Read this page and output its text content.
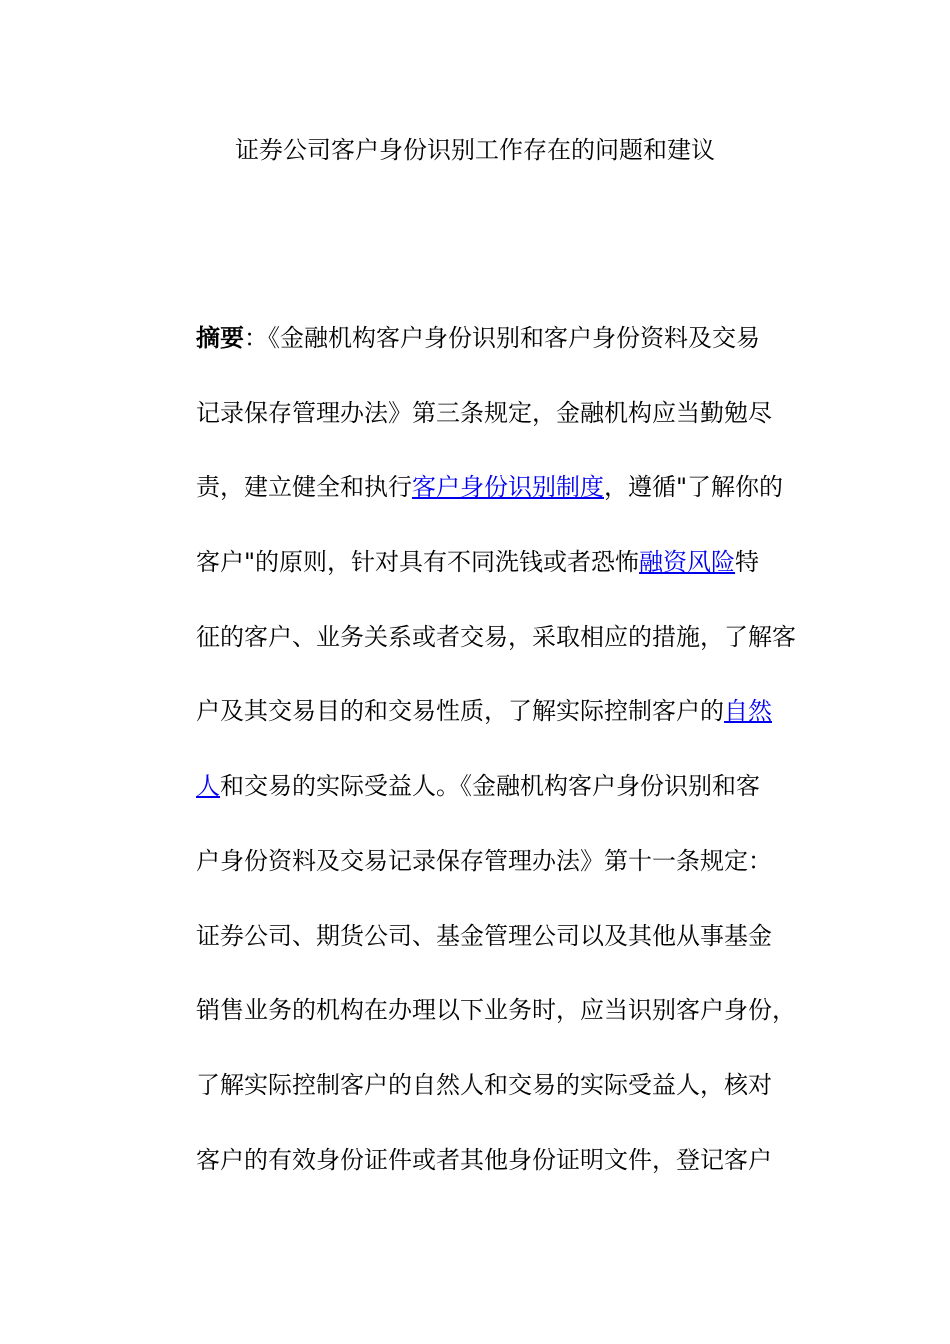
证券公司客户身份识别工作存在的问题和建议
摘要：《金融机构客户身份识别和客户身份资料及交易
记录保存管理办法》第三条规定，金融机构应当勤勉尽
责，建立健全和执行客户身份识别制度，遵循"了解你的
客户"的原则，针对具有不同洗钱或者恐怖融资风险特
征的客户、业务关系或者交易，采取相应的措施，了解客
户及其交易目的和交易性质，了解实际控制客户的自然
人和交易的实际受益人。《金融机构客户身份识别和客
户身份资料及交易记录保存管理办法》第十一条规定：
证券公司、期货公司、基金管理公司以及其他从事基金
销售业务的机构在办理以下业务时，应当识别客户身份，
了解实际控制客户的自然人和交易的实际受益人，核对
客户的有效身份证件或者其他身份证明文件，登记客户
